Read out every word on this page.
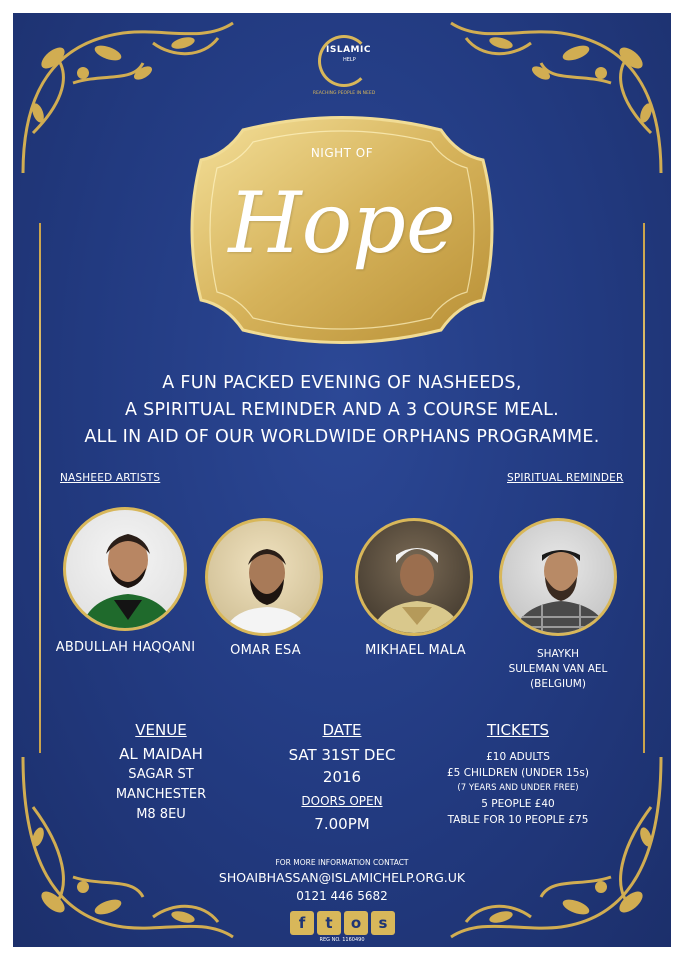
ISLAMIC
HELP
REACHING PEOPLE IN NEED
NIGHT OF
Hope
A FUN PACKED EVENING OF NASHEEDS,
A SPIRITUAL REMINDER AND A 3 COURSE MEAL.
ALL IN AID OF OUR WORLDWIDE ORPHANS PROGRAMME.
NASHEED ARTISTS	SPIRITUAL REMINDER
ABDULLAH HAQQANI	OMAR ESA	MIKHAEL MALA	SHAYKH
SULEMAN VAN AEL
(BELGIUM)
VENUE
AL MAIDAH
SAGAR ST
MANCHESTER
M8 8EU
DATE
SAT 31ST DEC
2016
DOORS OPEN
7.00PM
TICKETS
£10 ADULTS
£5 CHILDREN (UNDER 15s)
(7 YEARS AND UNDER FREE)
5 PEOPLE £40
TABLE FOR 10 PEOPLE £75
FOR MORE INFORMATION CONTACT
SHOAIBHASSAN@ISLAMICHELP.ORG.UK
0121 446 5682
f	t	o	s
REG NO. 1160490
